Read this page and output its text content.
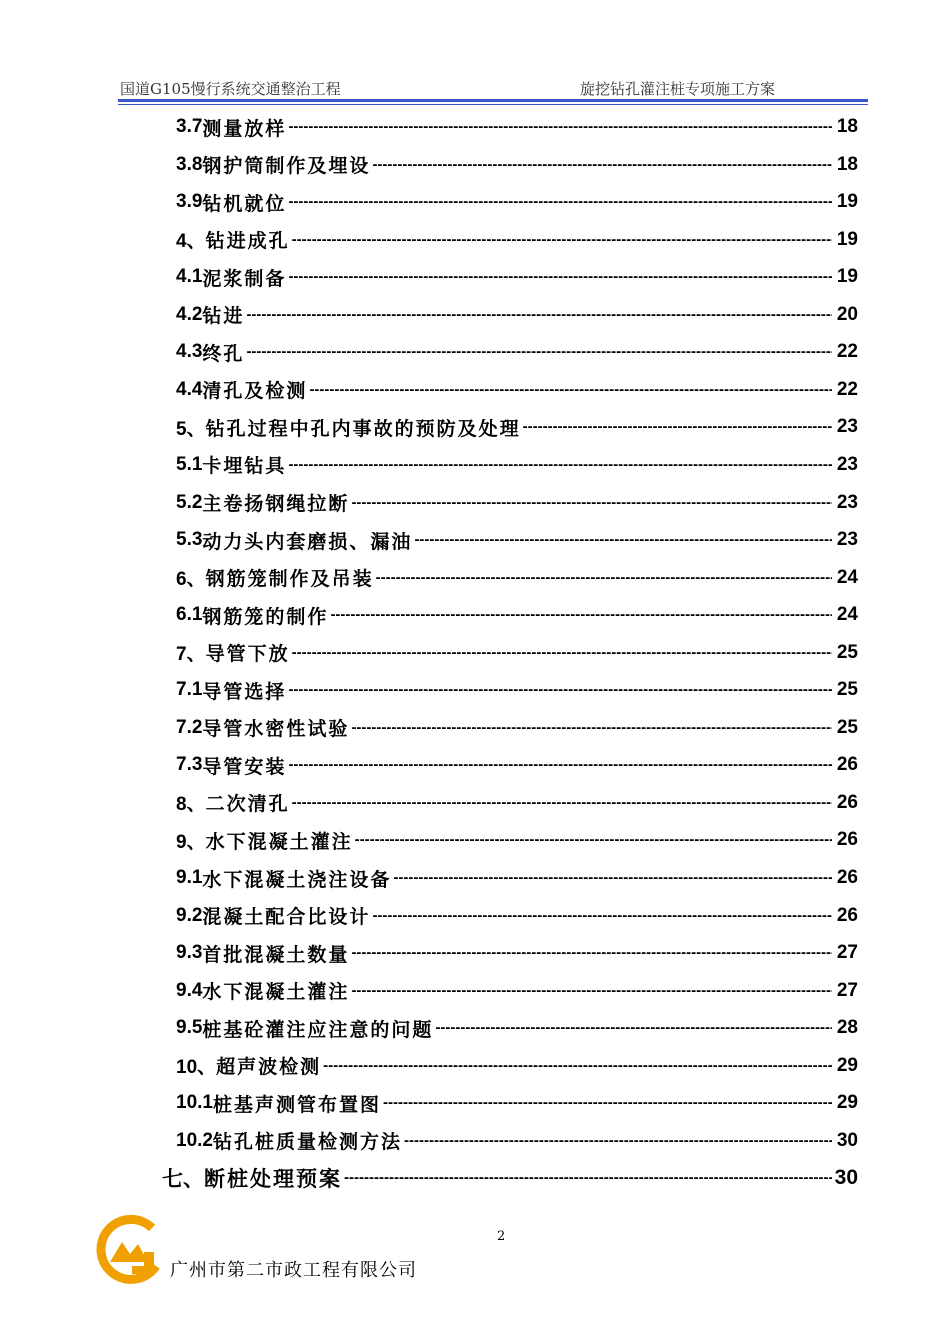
国道G105慢行系统交通整治工程	旋挖钻孔灌注桩专项施工方案
3.7 测量放样 -----	18
3.8 钢护筒制作及埋设 -----	18
3.9 钻机就位 -----	19
4、 钻进成孔 -----	19
4.1 泥浆制备 -----	19
4.2 钻进 -----	20
4.3 终孔 -----	22
4.4 清孔及检测 -----	22
5、 钻孔过程中孔内事故的预防及处理 -----	23
5.1 卡埋钻具 -----	23
5.2 主卷扬钢绳拉断 -----	23
5.3 动力头内套磨损、漏油 -----	23
6、 钢筋笼制作及吊装 -----	24
6.1 钢筋笼的制作 -----	24
7、 导管下放 -----	25
7.1 导管选择 -----	25
7.2 导管水密性试验 -----	25
7.3 导管安装 -----	26
8、 二次清孔 -----	26
9、 水下混凝土灌注 -----	26
9.1 水下混凝土浇注设备 -----	26
9.2 混凝土配合比设计 -----	26
9.3 首批混凝土数量 -----	27
9.4 水下混凝土灌注 -----	27
9.5 桩基砼灌注应注意的问题 -----	28
10、 超声波检测 -----	29
10.1 桩基声测管布置图 -----	29
10.2 钻孔桩质量检测方法 -----	30
七、 断桩处理预案 -----	30
2
广州市第二市政工程有限公司
